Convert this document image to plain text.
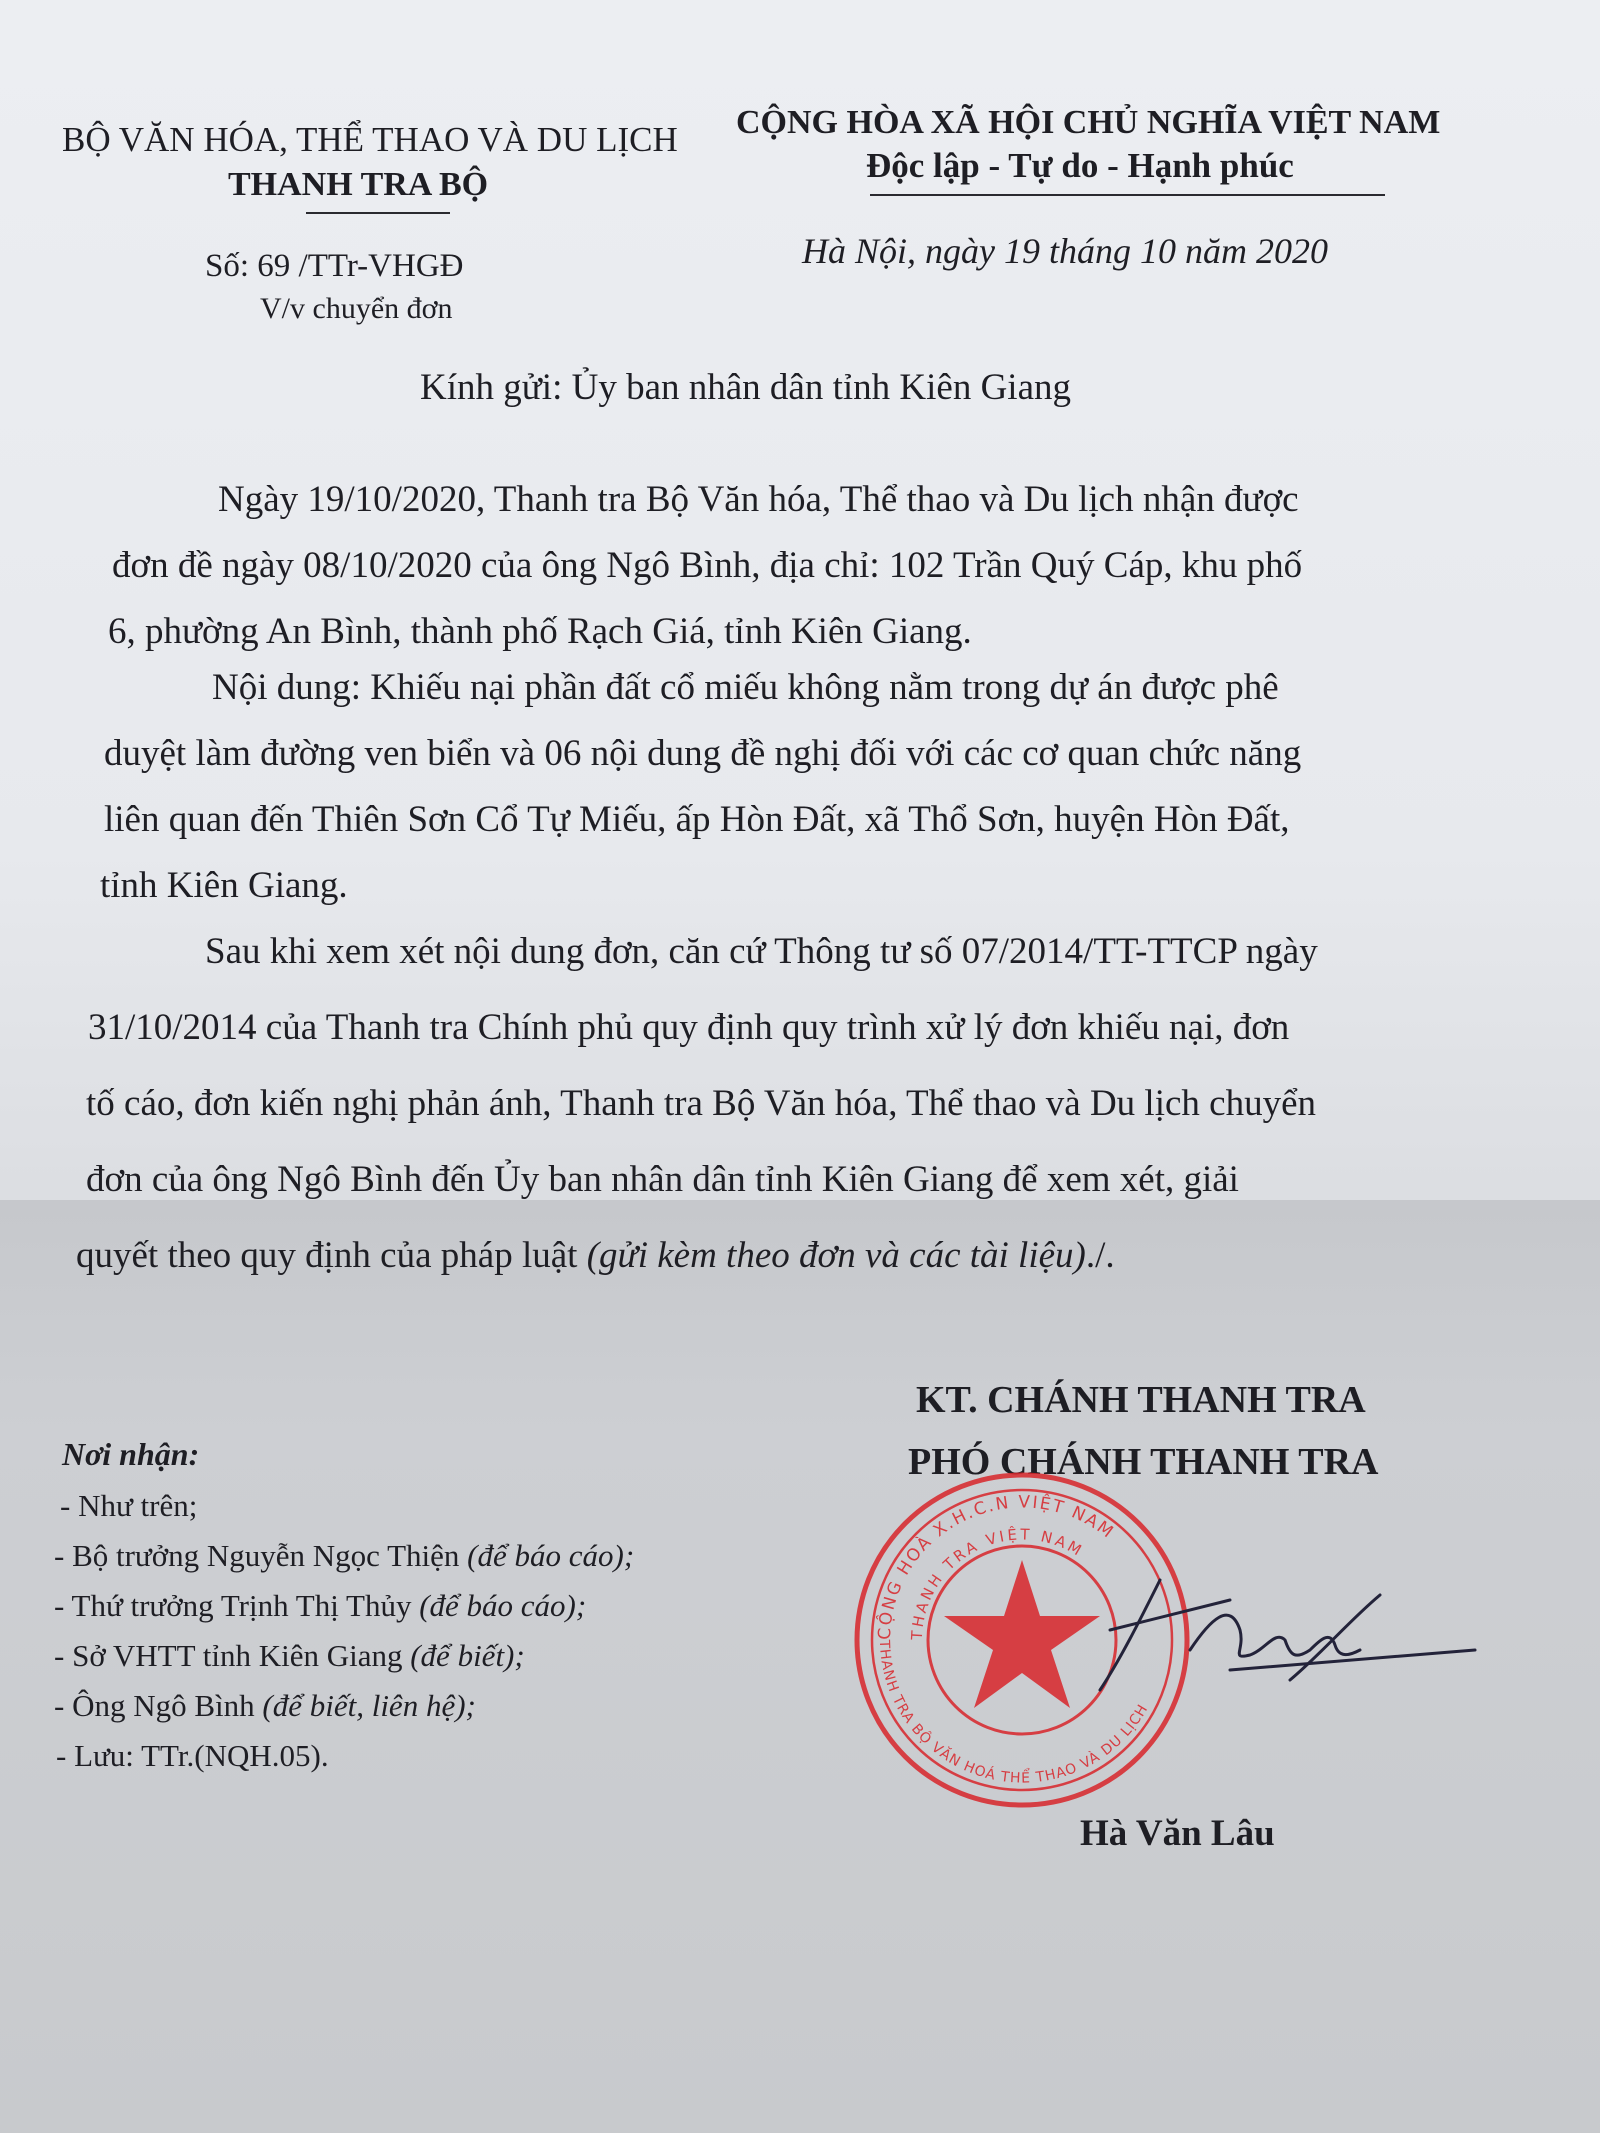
BỘ VĂN HÓA, THỂ THAO VÀ DU LỊCH
THANH TRA BỘ
Số: 69 /TTr-VHGĐ
V/v chuyển đơn
CỘNG HÒA XÃ HỘI CHỦ NGHĨA VIỆT NAM
Độc lập - Tự do - Hạnh phúc
Hà Nội, ngày 19 tháng 10 năm 2020
Kính gửi: Ủy ban nhân dân tỉnh Kiên Giang
Ngày 19/10/2020, Thanh tra Bộ Văn hóa, Thể thao và Du lịch nhận được
đơn đề ngày 08/10/2020 của ông Ngô Bình, địa chỉ: 102 Trần Quý Cáp, khu phố
6, phường An Bình, thành phố Rạch Giá, tỉnh Kiên Giang.
Nội dung: Khiếu nại phần đất cổ miếu không nằm trong dự án được phê
duyệt làm đường ven biển và 06 nội dung đề nghị đối với các cơ quan chức năng
liên quan đến Thiên Sơn Cổ Tự Miếu, ấp Hòn Đất, xã Thổ Sơn, huyện Hòn Đất,
tỉnh Kiên Giang.
Sau khi xem xét nội dung đơn, căn cứ Thông tư số 07/2014/TT-TTCP ngày
31/10/2014 của Thanh tra Chính phủ quy định quy trình xử lý đơn khiếu nại, đơn
tố cáo, đơn kiến nghị phản ánh, Thanh tra Bộ Văn hóa, Thể thao và Du lịch chuyển
đơn của ông Ngô Bình đến Ủy ban nhân dân tỉnh Kiên Giang để xem xét, giải
quyết theo quy định của pháp luật (gửi kèm theo đơn và các tài liệu)./.
KT. CHÁNH THANH TRA
PHÓ CHÁNH THANH TRA
Nơi nhận:
- Như trên;
- Bộ trưởng Nguyễn Ngọc Thiện (để báo cáo);
- Thứ trưởng Trịnh Thị Thủy (để báo cáo);
- Sở VHTT tỉnh Kiên Giang (để biết);
- Ông Ngô Bình (để biết, liên hệ);
- Lưu: TTr.(NQH.05).
CỘNG HOÀ X.H.C.N VIỆT NAM
THANH TRA VIỆT NAM
THANH TRA BỘ VĂN HOÁ THỂ THAO VÀ DU LỊCH
Hà Văn Lâu
